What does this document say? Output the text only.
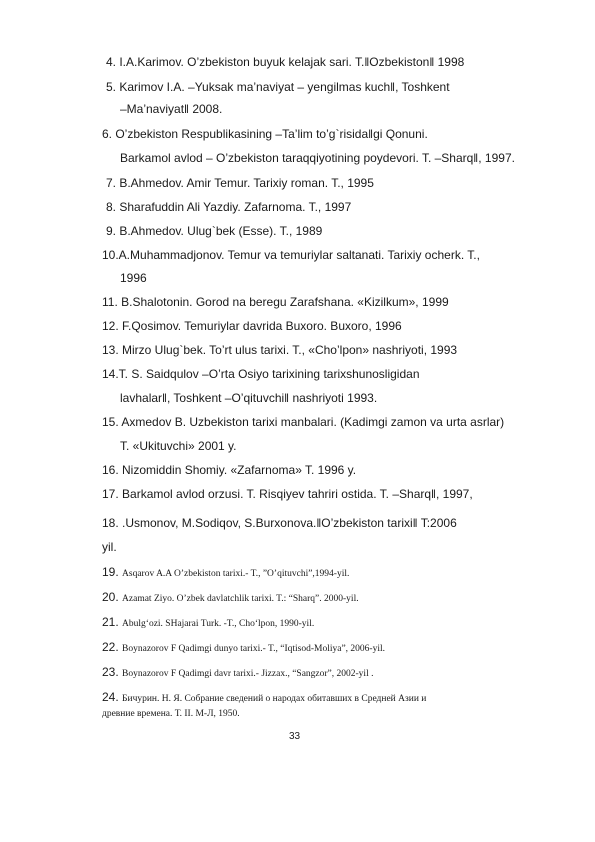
4. I.A.Karimov. O’zbekiston buyuk kelajak sari. T.ǁOzbekistonǁ 1998
5. Karimov I.A. ‒Yuksak ma’naviyat – yengilmas kuchǁ, Toshkent
‒Ma’naviyatǁ 2008.
6. O’zbekiston Respublikasining ‒Ta’lim to’g`risidaǁgi Qonuni.
Barkamol avlod – O’zbekiston taraqqiyotining poydevori. T. ‒Sharqǁ, 1997.
7. B.Ahmedov. Amir Temur. Tarixiy roman. T., 1995
8. Sharafuddin Ali Yazdiy. Zafarnoma. T., 1997
9. B.Ahmedov. Ulug`bek (Esse). T., 1989
10.A.Muhammadjonov. Temur va temuriylar saltanati. Tarixiy ocherk. T.,
1996
11. B.Shalotonin. Gorod na beregu Zarafshana. «Kizilkum», 1999
12. F.Qosimov. Temuriylar davrida Buxoro. Buxoro, 1996
13. Mirzo Ulug`bek. To’rt ulus tarixi. T., «Cho’lpon» nashriyoti, 1993
14.T. S. Saidqulov ‒O’rta Osiyo tarixining tarixshunosligidan
lavhalarǁ, Toshkent ‒O’qituvchiǁ nashriyoti 1993.
15. Axmedov B. Uzbekiston tarixi manbalari. (Kadimgi zamon va urta asrlar)
T. «Ukituvchi» 2001 y.
16. Nizomiddin Shomiy. «Zafarnoma» T. 1996 y.
17. Barkamol avlod orzusi. T. Risqiyev tahriri ostida. T. ‒Sharqǁ, 1997,
18. .Usmonov, M.Sodiqov, S.Burxonova.ǁO’zbekiston tarixiǁ T:2006
yil.
19. Asqarov A.A O’zbekiston tarixi.- T., ”O’qituvchi”,1994-yil.
20. Azamat Ziyo. O’zbek davlatchlik tarixi. T.: “Sharq”. 2000-yil.
21. Abulg‘ozi. SHajarai Turk. -T., Cho‘lpon, 1990-yil.
22. Boynazorov F Qadimgi dunyo tarixi.- T., “Iqtisod-Moliya”, 2006-yil.
23. Boynazorov F Qadimgi davr tarixi.- Jizzax., “Sangzor”, 2002-yil .
24. Бичурин. Н. Я. Собрание сведений о народах обитавших в Средней Азии и
древние времена. Т. II. М-Л, 1950.
33
